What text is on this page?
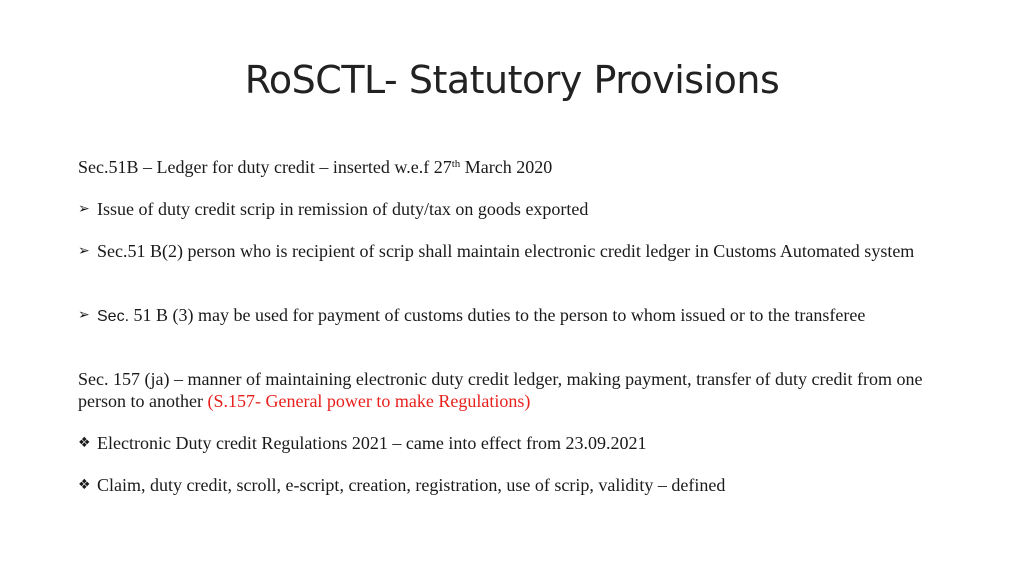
RoSCTL- Statutory Provisions
Sec.51B – Ledger for duty credit – inserted w.e.f 27th March 2020
➢ Issue of duty credit scrip in remission of duty/tax on goods exported
➢ Sec.51 B(2) person who is recipient of scrip shall maintain electronic credit ledger in Customs Automated system
➢ Sec. 51 B (3) may be used for payment of customs duties to the person to whom issued or to the transferee
Sec. 157 (ja) – manner of maintaining electronic duty credit ledger, making payment, transfer of duty credit from one person to another (S.157- General power to make Regulations)
❖ Electronic Duty credit Regulations 2021 – came into effect from 23.09.2021
❖ Claim, duty credit, scroll, e-script, creation, registration, use of scrip, validity – defined
